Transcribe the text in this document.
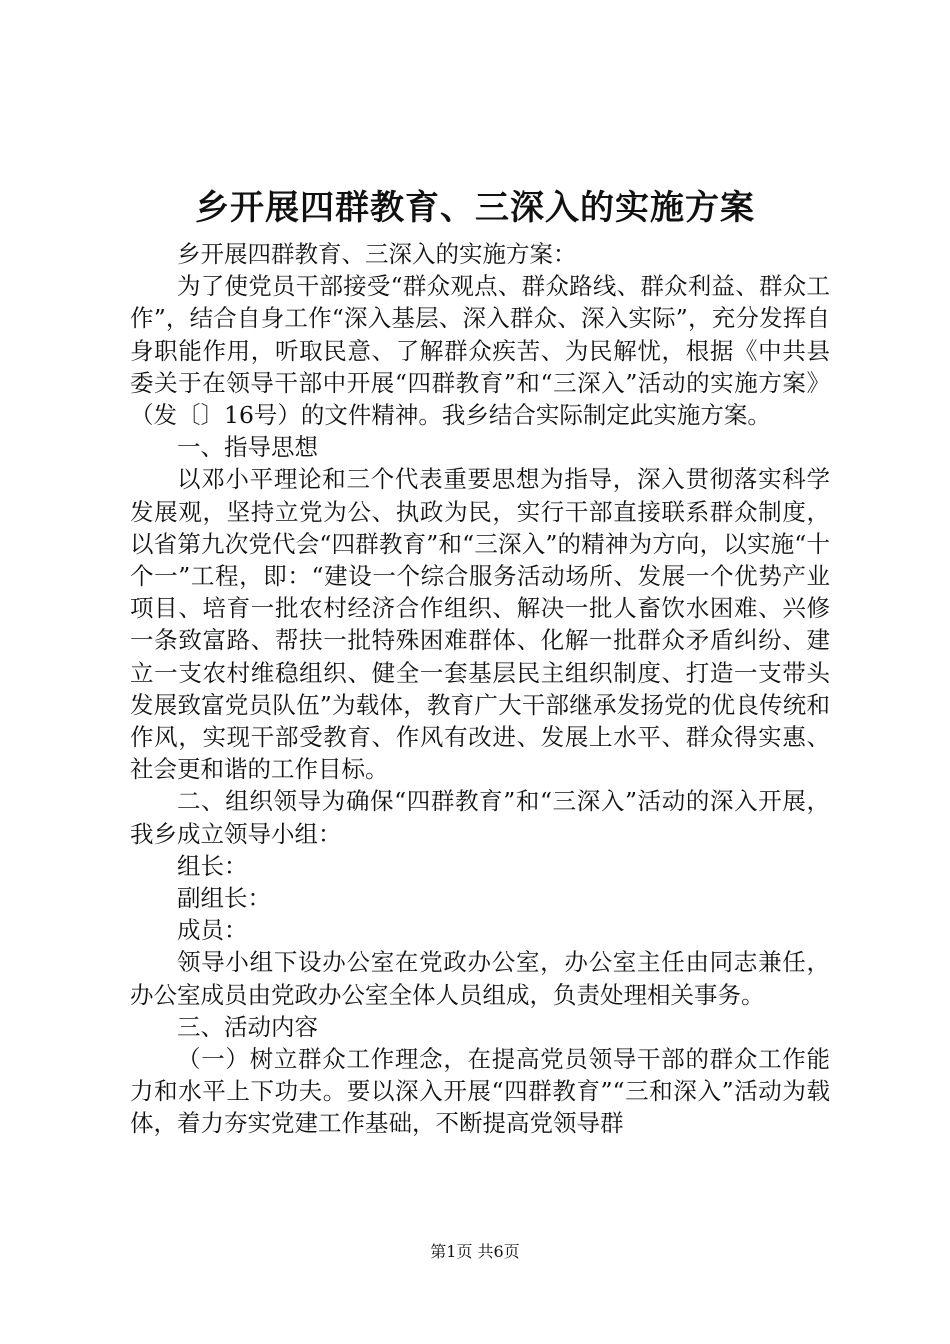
乡开展四群教育、三深入的实施方案

乡开展四群教育、三深入的实施方案：

为了使党员干部接受“群众观点、群众路线、群众利益、群众工作”，结合自身工作“深入基层、深入群众、深入实际”，充分发挥自身职能作用，听取民意、了解群众疾苦、为民解忧，根据《中共县委关于在领导干部中开展“四群教育”和“三深入”活动的实施方案》（发〔〕16号）的文件精神。我乡结合实际制定此实施方案。

一、指导思想

以邓小平理论和三个代表重要思想为指导，深入贯彻落实科学发展观，坚持立党为公、执政为民，实行干部直接联系群众制度，以省第九次党代会“四群教育”和“三深入”的精神为方向，以实施“十个一”工程，即：“建设一个综合服务活动场所、发展一个优势产业项目、培育一批农村经济合作组织、解决一批人畜饮水困难、兴修一条致富路、帮扶一批特殊困难群体、化解一批群众矛盾纠纷、建立一支农村维稳组织、健全一套基层民主组织制度、打造一支带头发展致富党员队伍”为载体，教育广大干部继承发扬党的优良传统和作风，实现干部受教育、作风有改进、发展上水平、群众得实惠、社会更和谐的工作目标。

二、组织领导为确保“四群教育”和“三深入”活动的深入开展，我乡成立领导小组：

组长：

副组长：

成员：

领导小组下设办公室在党政办公室，办公室主任由同志兼任，办公室成员由党政办公室全体人员组成，负责处理相关事务。

三、活动内容

（一）树立群众工作理念，在提高党员领导干部的群众工作能力和水平上下功夫。要以深入开展“四群教育”“三和深入”活动为载体，着力夯实党建工作基础，不断提高党领导群

第1页 共6页
